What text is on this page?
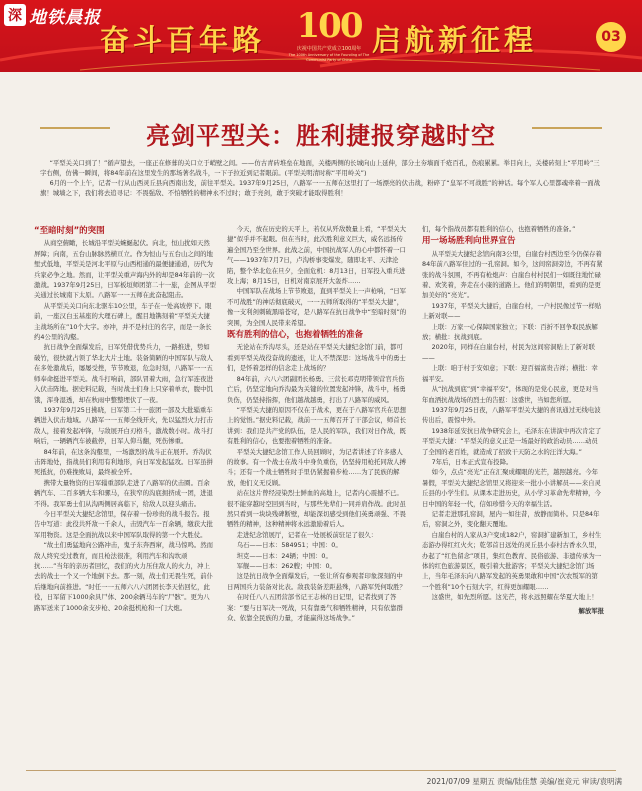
深 地铁晨报
奋斗百年路 100
庆祝中国共产党成立100周年
The 100th Anniversary of the Founding of The Communist Party of China
启航新征程	03
亮剑平型关：胜利捷报穿越时空

“平型关关口到了！”循声望去，一座正在修葺的关口立于峭壁之间。——仿古青砖堆垒在地面，关楼两侧的长城向山上延伸，部分土夯墙面千疮百孔，伤痕累累。举目向上，关楼砖刻上“平用岭”三字右侧，仿佛一瞬间，将84年前在这里发生的那场著名战斗，一下子拉近到记者眼前。(平型关明清时称“平用岭关”)

6月的一个上午，记者一行从山西灵丘县向西南出发，前往平型关。1937年9月25日，八路军一一五师在这里打了一场漂亮的伏击战，粉碎了“皇军不可战胜”的神话。每个军人心里都魂牵着一面战旗！城墙之下，我们将去追寻记：不畏强敌、不怕牺牲的精神永不过时；敢于亮剑，敢于突破才能取得胜利！

“至暗时刻”的突围

从商空俯瞰，长城沿平型关蜿蜒起伏。向北，恒山扰如天然屏障；向南，五台山脉脉然横亘立。作为恒山与五台山之间的地堑式低地，平型关是河北平原与山西相通的最便捷通道，历代为兵家必争之地。然而，让平型关重声海内外的却是84年前的一次激战。1937年9月25日，日军板垣师团第二十一旅，企图从平型关通过长城南下太原。八路军一一五师在此奋起阻击。

从平型关关口向东北驱车10公里，车子在一处高坡停下。眼前，一座汉白玉基座的大理石碑上，醒目地镌刻着“平型关大捷主战场所在”10个大字。亦冲，并不是村庄的名字，而是一条长约4公里的沟壑。

抗日战争全面爆发后，日军凭借优势兵力，一路推进，势如破竹，很快就占领了华北大片土地。装备简陋的中国军队与敌人在多处激战后，屡屡受挫，节节败退，危急时刻，八路军一一五师奉命挺进平型关。战斗打响前，部队冒着大雨，急行军连夜进入伏击阵地。据史料记载，当时战士们身上只穿着单衣，腹中饥饿，浑身湿透，却在秋雨中整整埋伏了一夜。

1937年9月25日拂晓，日军第二十一旅团一部及大批辎重车辆进入伏击地域。八路军一一五师全线开火，先以猛烈火力打击敌人，接着发起冲锋，与敌展开白刃格斗，激战数小时。战斗打响后，一辆辆汽车被截停，日军人仰马翻，死伤惨重。

84年前，在这条沟壑里，一场激烈的战斗正在展开。乔沟伏击阵地处，指战员们利用有利地形，向日军发起猛攻。日军虽拼死抵抗，仍难挽败局，最终被全歼。

携带大量物资的日军辎重部队走进了八路军的伏击圈。百余辆汽车、二百多辆大车和骡马，在狭窄的沟底拥挤成一团，进退不得。我军勇士们从沟两侧居高临下，给敌人以迎头痛击。

今日平型关大捷纪念馆里，保存着一份珍贵的战斗报告。报告中写道：此役共歼敌一千余人，击毁汽车一百余辆，缴获大批军用物资。这是全面抗战以来中国军队取得的第一个大胜仗。

“故土们勇猛地向公路冲击，鬼子东奔西窜，战马惊鸣。然而敌人终究受过教育，而且枪法很准，利用汽车和沟坎顽抗……”当年的亲历者回忆，我们的火力压住敌人的火力，冲上去的战士一个又一个地倒下去。那一刻，战士们无畏生死，前仆后继地向前推进。“时任一一五师六八六团团长李天佑回忆，此役，日军留下1000余具尸体、200余辆马车的“尸骸”。更为八路军送来了1000余支步枪、20余挺机枪和一门大炮。

今天，放在历史的天平上，若仅从歼敌数量上看，“平型关大捷”似乎并不起眼。但在当时，此次胜利意义巨大，威名远扬传遍全国乃至全世界。此战之前，中国抗战军人的心中都怀着一口气——1937年7月7日，卢沟桥事变爆发，随即北平、天津沦陷，整个华北危在旦夕，全面危机：8月13日，日军投入重兵进攻上海；8月15日，日机对南京展开大轰炸……

中国军队在战场上节节败退，直到平型关上一声枪响，“日军不可战胜”的神话彻底破灭，一一五师所取得的“平型关大捷”，像一支利剑刺破黑暗苍穹，是八路军在抗日战争中“至暗时刻”的突围，为全国人民带来希望。

既有胜利的信心，也抱着牺牲的准备

无论站在乔沟尽头，还是站在平型关大捷纪念馆门前，都可看到平型关战役奋战的遗迹，让人不禁深思：这场战斗中的勇士们，是怀着怎样的信念走上战场的？

84年前，六八六团副团长杨勇、三营长邓克明带领营官兵伤亡后，仍坚定地向乔沟最为关键的位置发起冲锋，战斗中，杨勇负伤，仍坚持指挥，他们越战越勇，打出了八路军的威风。

“平型关大捷的原因不仅在于战术，更在于八路军官兵在思想上的觉悟。”据史料记载，战前一一五师召开了干部会议，师首长讲到：我们是共产党的队伍，是人民的军队，我们对日作战，既有胜利的信心，也要抱着牺牲的准备。

平型关大捷纪念馆工作人员回顾时，为记者讲述了许多感人的故事。有一个战士在战斗中身负重伤，仍坚持用枪托同敌人搏斗；还有一个战士牺牲时手里仍紧握着步枪……为了民族的解放，他们义无反顾。

站在这片曾经浸染烈士鲜血的高地上，记者内心震撼不已。很不能穿越时空回到当时，与那些先辈们一同并肩作战。此时虽然只看到一块块残碑断壁，却能深切感受到他们英勇顽强、不畏牺牲的精神，这种精神将永远激励着后人。

走进纪念馆展厅，记者在一处展板前驻足了很久：

乌石——日本：584951；中国：0。

坦克——日本：24辆；中国：0。

军舰——日本：262艘；中国：0。

这是抗日战争全面爆发后，一张让所有参观者印象深刻的中日两国兵力装备对比表。敌我装备差距悬殊，八路军凭何取胜？

在时任八八五团营部书记王志林的日记里，记者找到了答案：“要与日军决一死战，只有靠勇气和牺牲精神，只有依靠群众、依靠全民族的力量，才能赢得这场战争。”

们，每个指战员都有胜利的信心，也抱着牺牲的准备。”

用一场场胜利向世界宣告

从平型关大捷纪念馆向南3公里，白崖台村西边至今仍保存着84年前八路军住过的一孔窑洞。如今，这间窑洞旁边，不再有紧张的战斗氛围，不再有枪炮声：白崖台村村民们一如既往地忙碌着、欢笑着，奔走在小康的道路上。他们的明朝里，看到的是更加美好的“亮光”。

1937年，平型关大捷后，白崖台村，一户村民像过节一样贴上新对联——

上联：万家一心保障国家独立；下联：百折不回争取民族解放；横批：抗战到底。

2020年，同样在白崖台村，村民为这间窑洞贴上了新对联——

上联：咱于村于安如意；下联：迎百福富贵吉祥；横批：幸福平安。

从“抗战到底”到“幸福平安”，体现的是党心民意，更是对当年血洒抗战战场的烈士的告慰：这盛世，当如您所愿。

1937年9月25日夜，八路军平型关大捷的喜讯通过无线电波传出后，震惊中外。

1938年延安抗日战争研究会上，毛泽东在讲演中再次肯定了平型关大捷：“平型关的意义正是一场最好的政治动员……动员了全国的老百姓，就造成了招致干天防之水的汪洋大海。”

7年后，日本正式宣布投降。

如今，点点“亮光”正在汇聚成耀眼的光芒，越照越亮。今年暑假，平型关大捷纪念馆里又将迎来一批小小讲解员——来自灵丘县的小学生们。从课本走进历史，从小学习革命先辈精神，今日中国的年轻一代，信如珍惜今天的幸福生活。

记者走进那孔窑洞，屋内一如往昔，放静而简朴。只是84年后，窑洞之外，变化翻天覆地。

白崖台村的人家从3户变成182户，窑洞扩建新加工，乡村生态游办得红红火火；乾邻首日远处的灵丘县小泰村古香永久里，办起了“红色留念”项目，集红色教育、民俗旅游、非遗传承为一体的红色旅游景区，吸引着大批游客；平型关大捷纪念馆门场上，当年毛泽东向八路军发起的英勇果敢和中国“次农叛军的第一个胜利”10个石刻大字，红得更加耀眼……

这盛世，如先烈所愿。这光芒，将永远照耀在华夏大地上！

解放军报

2021/07/09 星期五 责编/陆佳慧 美编/崔竞元 审读/袁明满
